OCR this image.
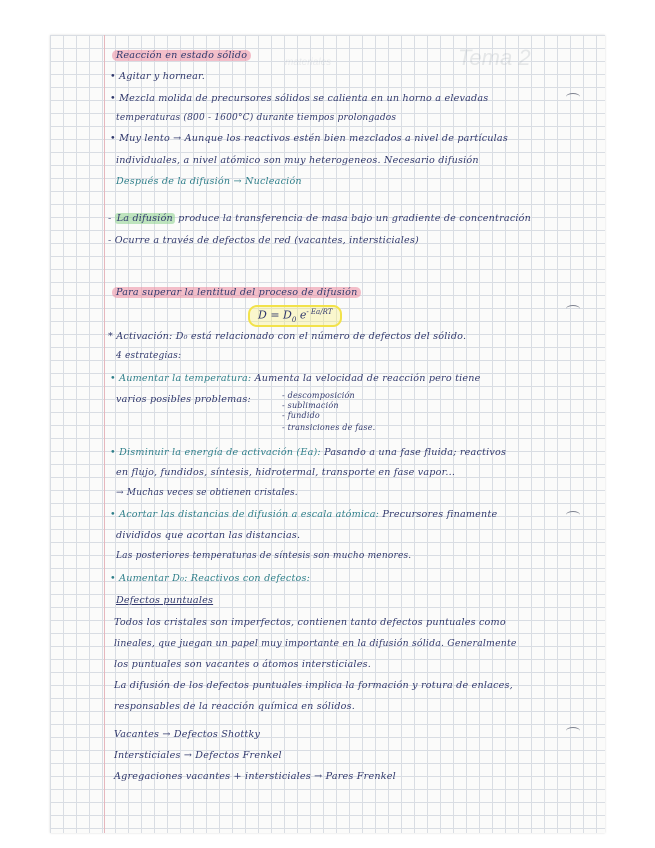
Tema 2
materiales
Reacción en estado sólido
• Agitar y hornear.
• Mezcla molida de precursores sólidos se calienta en un horno a elevadas
temperaturas (800 - 1600°C) durante tiempos prolongados
• Muy lento → Aunque los reactivos estén bien mezclados a nivel de partículas
individuales, a nivel atómico son muy heterogeneos. Necesario difusión
Después de la difusión → Nucleación
- La difusión produce la transferencia de masa bajo un gradiente de concentración
- Ocurre a través de defectos de red (vacantes, intersticiales)
Para superar la lentitud del proceso de difusión
$D = D_0$ $e^{- Ea/RT}$
* Activación: D₀ está relacionado con el número de defectos del sólido.
4 estrategias:
• Aumentar la temperatura: Aumenta la velocidad de reacción pero tiene
varios posibles problemas:	- descomposición
- sublimación
- fundido
- transiciones de fase.
• Disminuir la energía de activación (Ea): Pasando a una fase fluida; reactivos
en flujo, fundidos, síntesis, hidrotermal, transporte en fase vapor...
→ Muchas veces se obtienen cristales.
• Acortar las distancias de difusión a escala atómica: Precursores finamente
divididos que acortan las distancias.
Las posteriores temperaturas de síntesis son mucho menores.
• Aumentar D₀: Reactivos con defectos:
Defectos puntuales
Todos los cristales son imperfectos, contienen tanto defectos puntuales como
lineales, que juegan un papel muy importante en la difusión sólida. Generalmente
los puntuales son vacantes o átomos intersticiales.
La difusión de los defectos puntuales implica la formación y rotura de enlaces,
responsables de la reacción química en sólidos.
Vacantes → Defectos Shottky
Intersticiales → Defectos Frenkel
Agregaciones vacantes + intersticiales → Pares Frenkel
